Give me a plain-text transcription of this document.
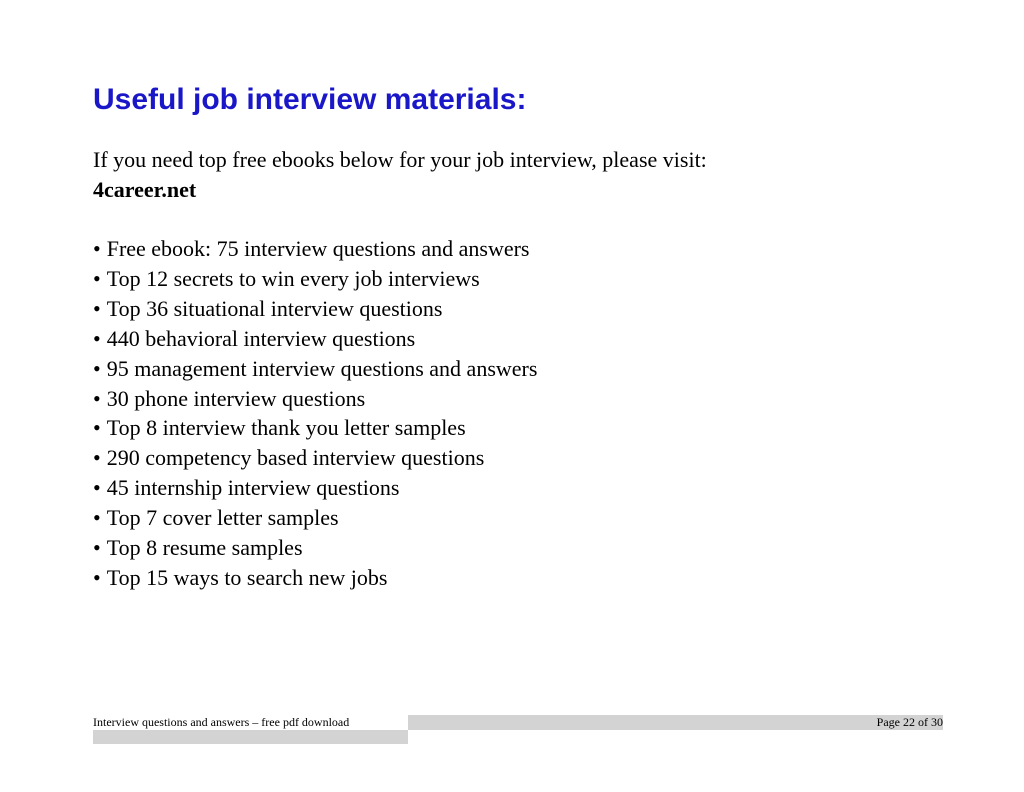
Useful job interview materials:

If you need top free ebooks below for your job interview, please visit:

4career.net

• Free ebook: 75 interview questions and answers
• Top 12 secrets to win every job interviews
• Top 36 situational interview questions
• 440 behavioral interview questions
• 95 management interview questions and answers
• 30 phone interview questions
• Top 8 interview thank you letter samples
• 290 competency based interview questions
• 45 internship interview questions
• Top 7 cover letter samples
• Top 8 resume samples
• Top 15 ways to search new jobs
Interview questions and answers – free pdf download	Page 22 of 30
